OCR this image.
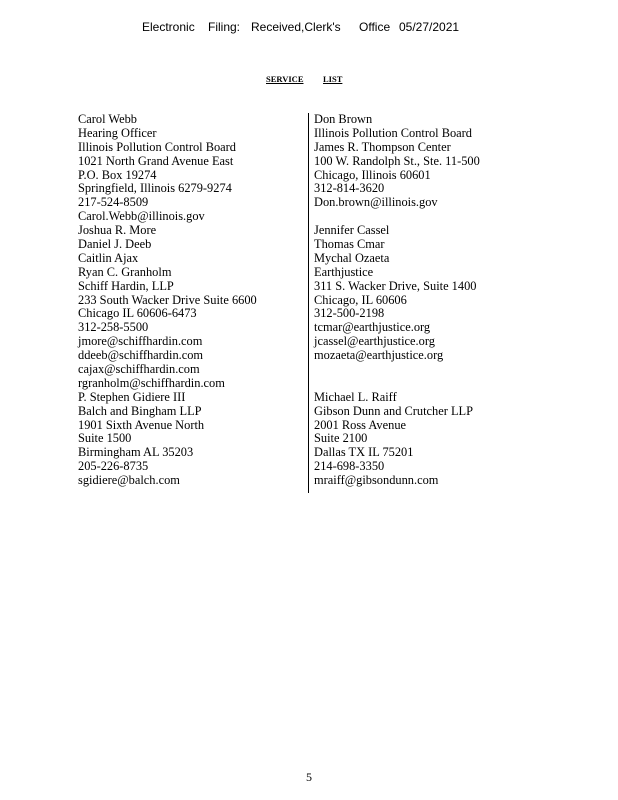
Electronic Filing: Received,Clerk's Office 05/27/2021
SERVICE LIST
Carol Webb
Hearing Officer
Illinois Pollution Control Board
1021 North Grand Avenue East
P.O. Box 19274
Springfield, Illinois 6279-9274
217-524-8509
Carol.Webb@illinois.gov
Joshua R. More
Daniel J. Deeb
Caitlin Ajax
Ryan C. Granholm
Schiff Hardin, LLP
233 South Wacker Drive Suite 6600
Chicago IL 60606-6473
312-258-5500
jmore@schiffhardin.com
ddeeb@schiffhardin.com
cajax@schiffhardin.com
rgranholm@schiffhardin.com
P. Stephen Gidiere III
Balch and Bingham LLP
1901 Sixth Avenue North
Suite 1500
Birmingham AL 35203
205-226-8735
sgidiere@balch.com
Don Brown
Illinois Pollution Control Board
James R. Thompson Center
100 W. Randolph St., Ste. 11-500
Chicago, Illinois 60601
312-814-3620
Don.brown@illinois.gov
Jennifer Cassel
Thomas Cmar
Mychal Ozaeta
Earthjustice
311 S. Wacker Drive, Suite 1400
Chicago, IL 60606
312-500-2198
tcmar@earthjustice.org
jcassel@earthjustice.org
mozaeta@earthjustice.org
Michael L. Raiff
Gibson Dunn and Crutcher LLP
2001 Ross Avenue
Suite 2100
Dallas TX IL 75201
214-698-3350
mraiff@gibsondunn.com
5
